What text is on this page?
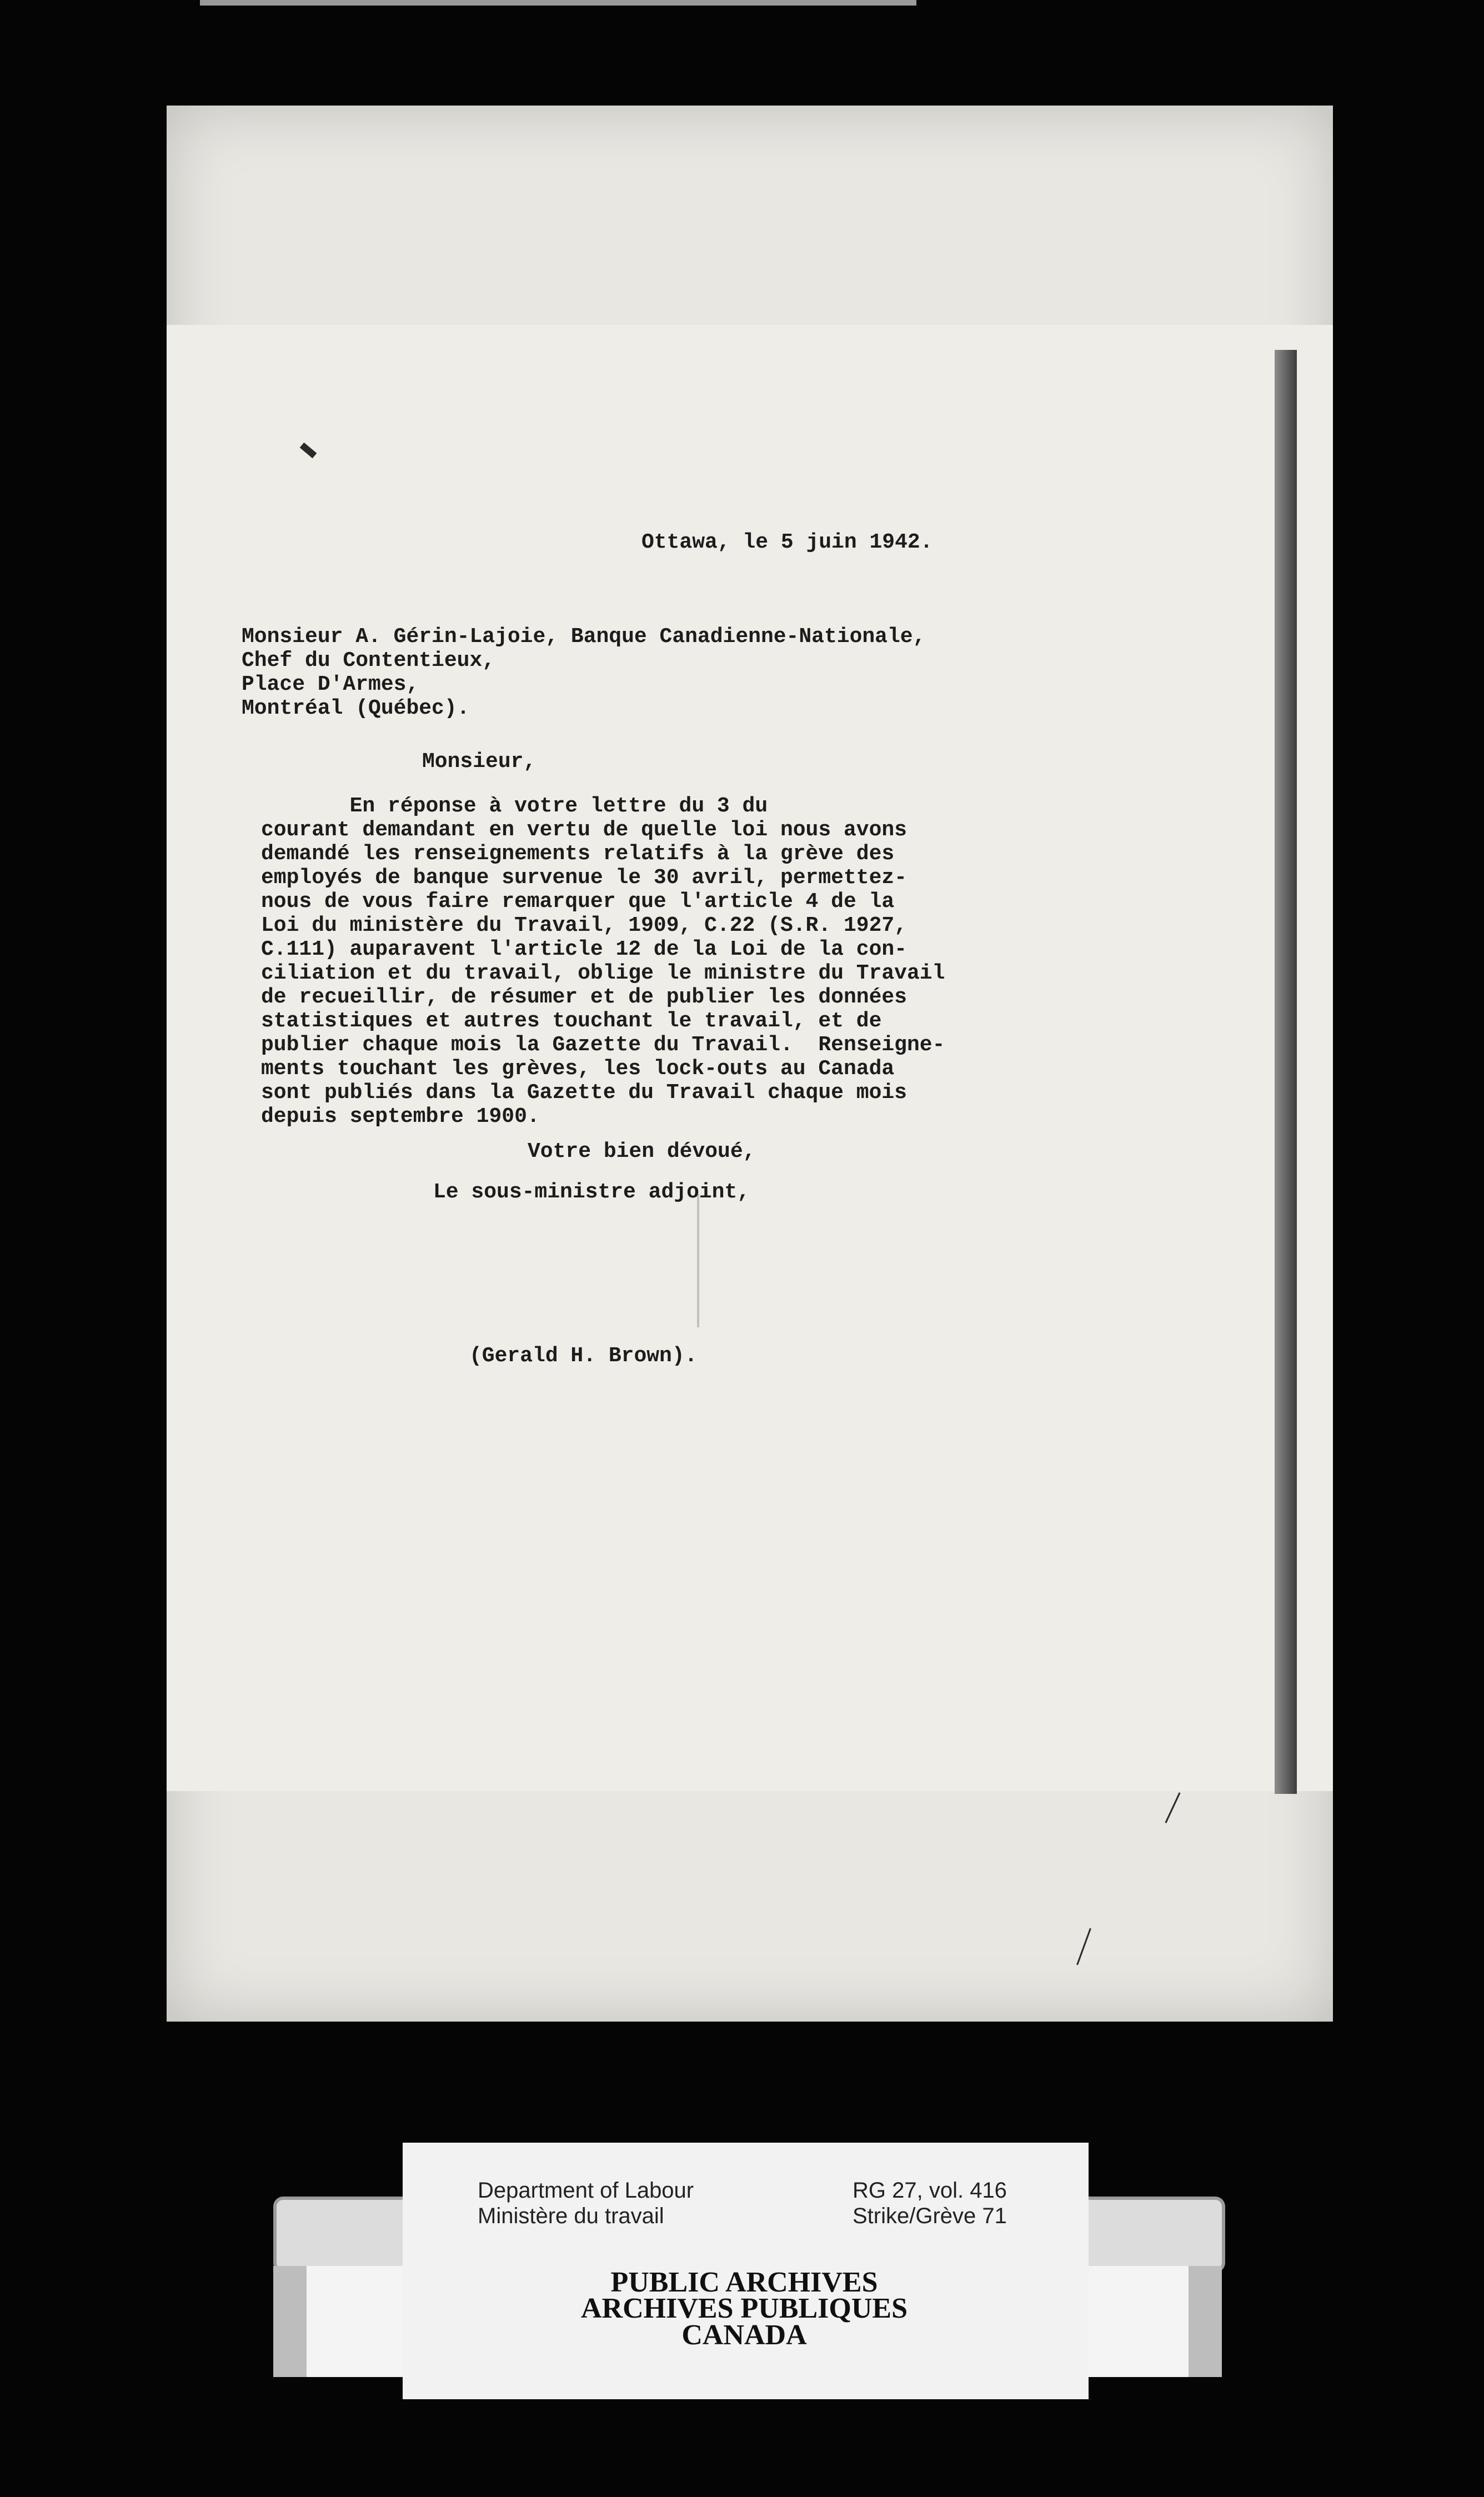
Ottawa, le 5 juin 1942.
Monsieur A. Gérin-Lajoie, Banque Canadienne-Nationale,
Chef du Contentieux,
Place D'Armes,
Montréal (Québec).
Monsieur,
En réponse à votre lettre du 3 du
courant demandant en vertu de quelle loi nous avons
demandé les renseignements relatifs à la grève des
employés de banque survenue le 30 avril, permettez-
nous de vous faire remarquer que l'article 4 de la
Loi du ministère du Travail, 1909, C.22 (S.R. 1927,
C.111) auparavent l'article 12 de la Loi de la con-
ciliation et du travail, oblige le ministre du Travail
de recueillir, de résumer et de publier les données
statistiques et autres touchant le travail, et de
publier chaque mois la Gazette du Travail.  Renseigne-
ments touchant les grèves, les lock-outs au Canada
sont publiés dans la Gazette du Travail chaque mois
depuis septembre 1900.
Votre bien dévoué,
Le sous-ministre adjoint,
(Gerald H. Brown).
Department of Labour
Ministère du travail
RG 27, vol. 416
Strike/Grève 71
PUBLIC ARCHIVES
ARCHIVES PUBLIQUES
CANADA
